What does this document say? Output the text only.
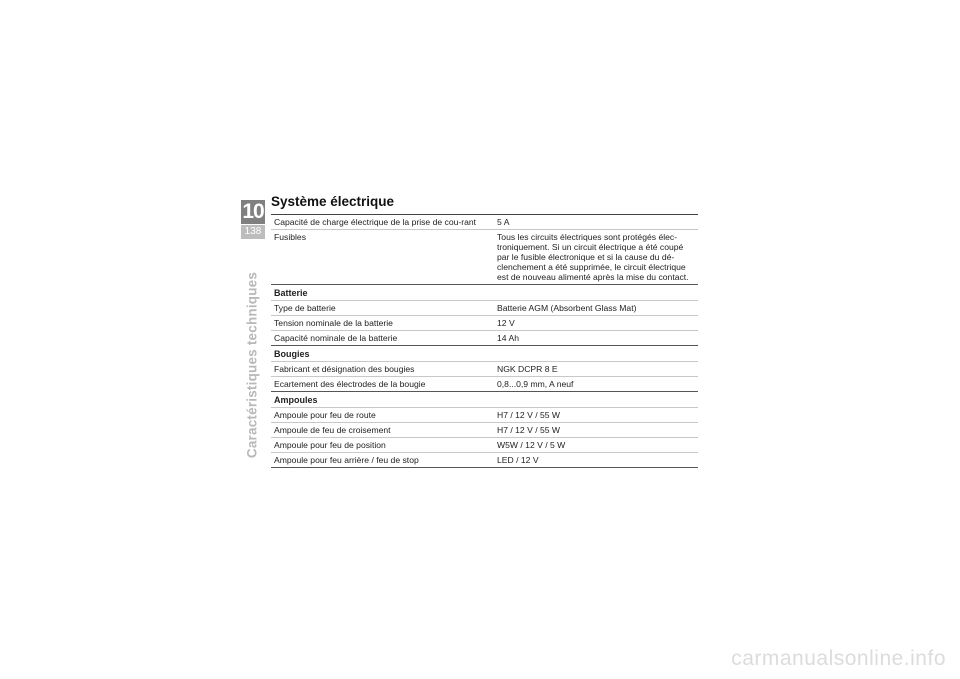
10
138
Caractéristiques techniques
Système électrique
Capacité de charge électrique de la prise de cou-rant	5 A
Fusibles	Tous les circuits électriques sont protégés élec-troniquement. Si un circuit électrique a été coupé par le fusible électronique et si la cause du dé-clenchement a été supprimée, le circuit électrique est de nouveau alimenté après la mise du contact.
Batterie	
Type de batterie	Batterie AGM (Absorbent Glass Mat)
Tension nominale de la batterie	12 V
Capacité nominale de la batterie	14 Ah
Bougies	
Fabricant et désignation des bougies	NGK DCPR 8 E
Ecartement des électrodes de la bougie	0,8...0,9 mm, A neuf
Ampoules	
Ampoule pour feu de route	H7 / 12 V / 55 W
Ampoule de feu de croisement	H7 / 12 V / 55 W
Ampoule pour feu de position	W5W / 12 V / 5 W
Ampoule pour feu arrière / feu de stop	LED / 12 V
carmanualsonline.info
